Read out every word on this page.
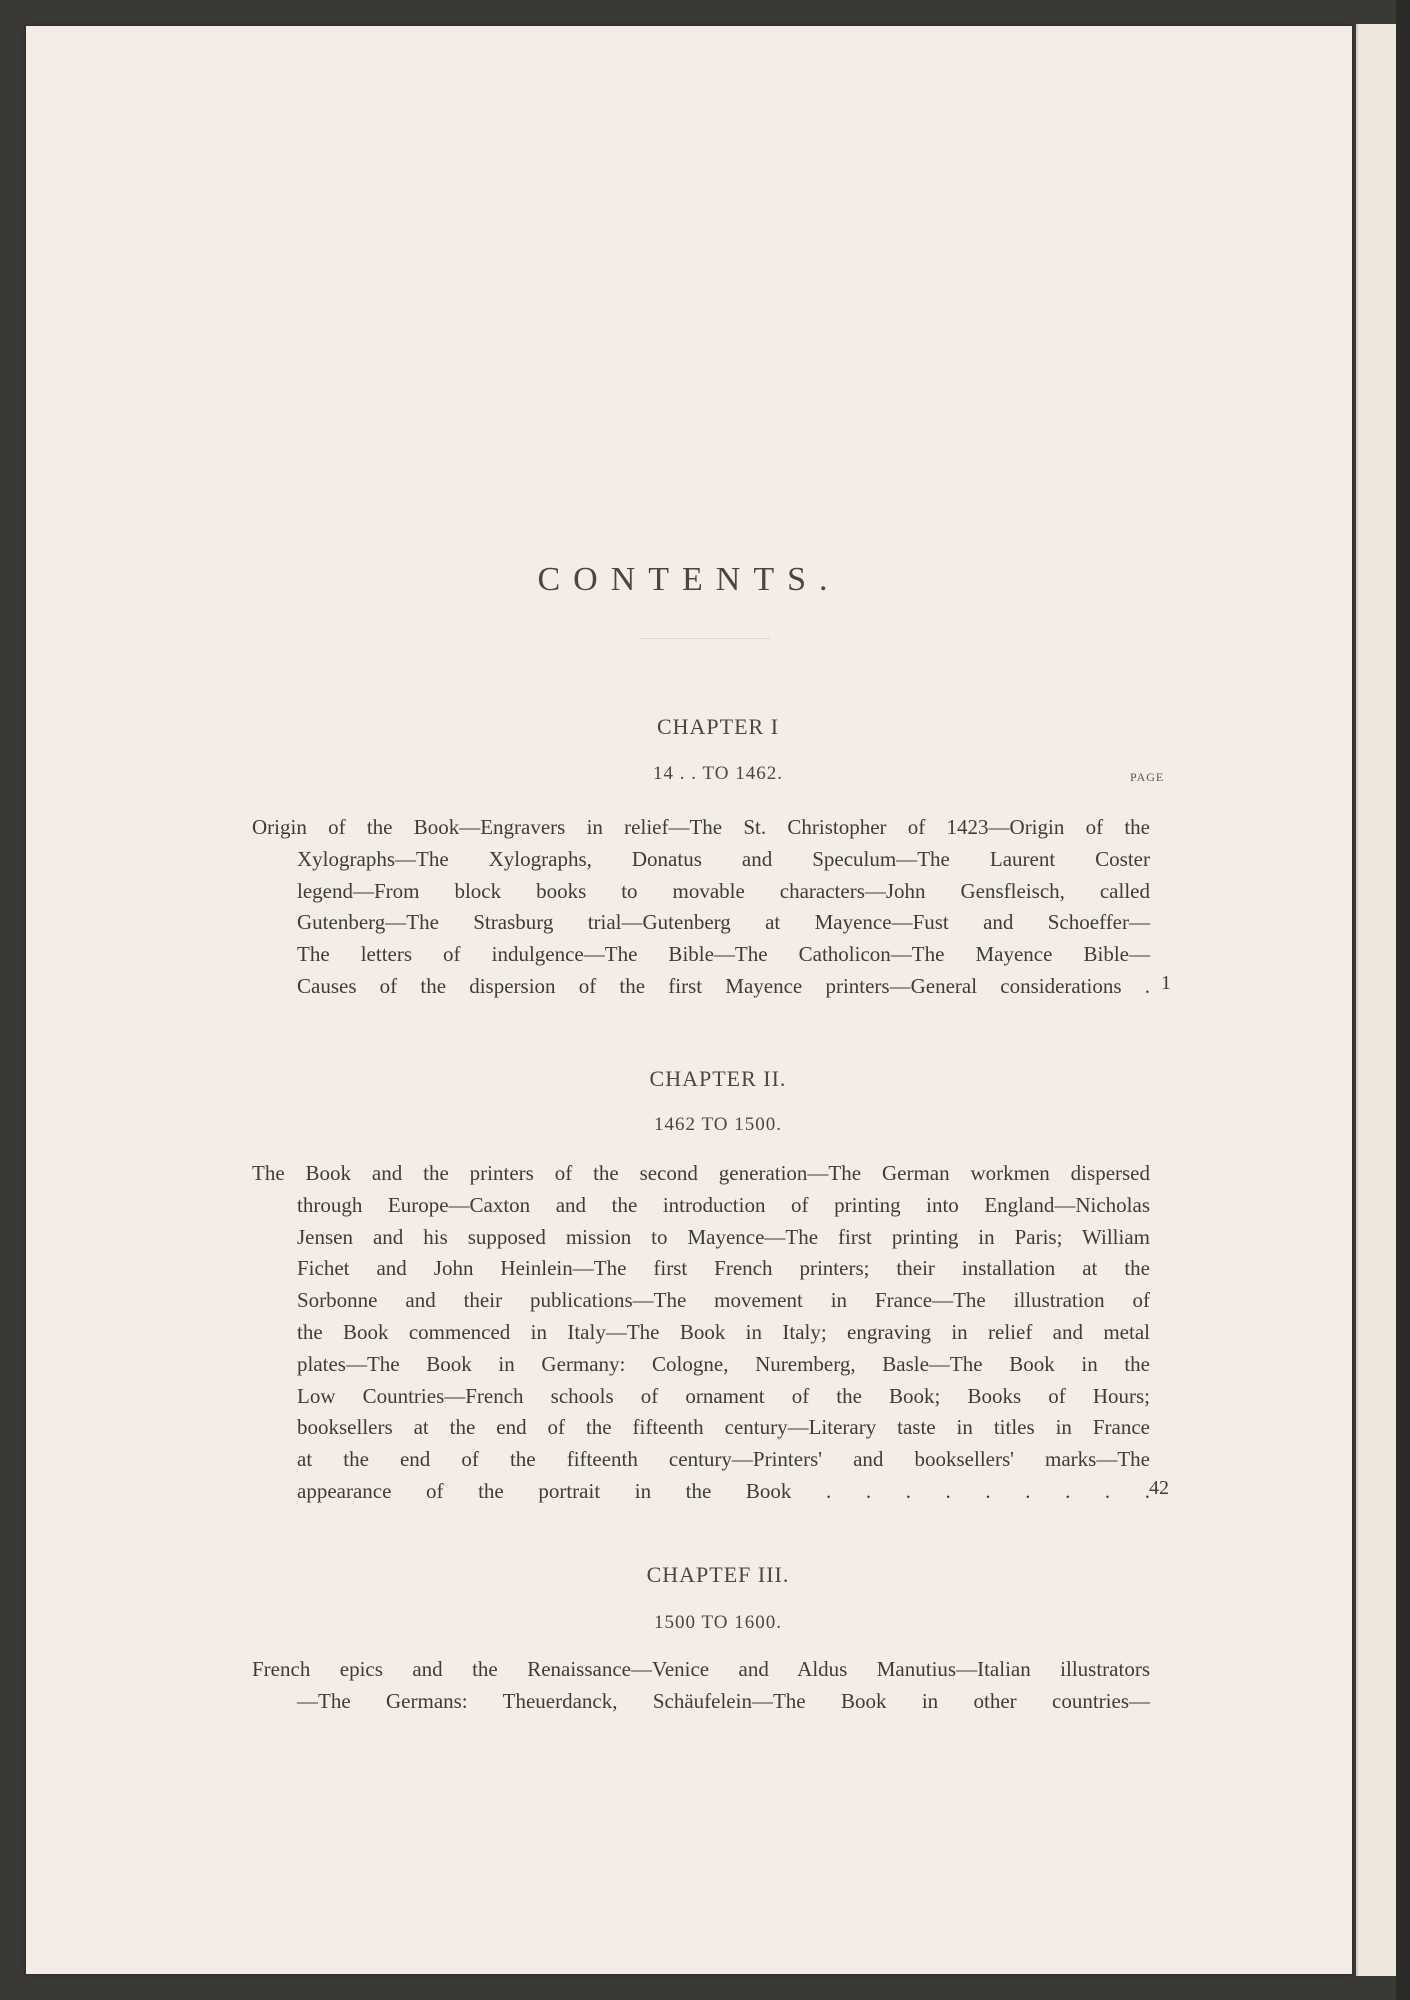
CONTENTS.
CHAPTER I
14 . . TO 1462.	PAGE
Origin of the Book—Engravers in relief—The St. Christopher of 1423—Origin of the
Xylographs—The Xylographs, Donatus and Speculum—The Laurent Coster
legend—From block books to movable characters—John Gensfleisch, called
Gutenberg—The Strasburg trial—Gutenberg at Mayence—Fust and Schoeffer—
The letters of indulgence—The Bible—The Catholicon—The Mayence Bible—
Causes of the dispersion of the first Mayence printers—General considerations . 1
CHAPTER II.
1462 TO 1500.
The Book and the printers of the second generation—The German workmen dispersed
through Europe—Caxton and the introduction of printing into England—Nicholas
Jensen and his supposed mission to Mayence—The first printing in Paris; William
Fichet and John Heinlein—The first French printers; their installation at the
Sorbonne and their publications—The movement in France—The illustration of
the Book commenced in Italy—The Book in Italy; engraving in relief and metal
plates—The Book in Germany: Cologne, Nuremberg, Basle—The Book in the
Low Countries—French schools of ornament of the Book; Books of Hours;
booksellers at the end of the fifteenth century—Literary taste in titles in France
at the end of the fifteenth century—Printers' and booksellers' marks—The
appearance of the portrait in the Book . . . . . . . . . 42
CHAPTEF III.
1500 TO 1600.
French epics and the Renaissance—Venice and Aldus Manutius—Italian illustrators
—The Germans: Theuerdanck, Schäufelein—The Book in other countries—
